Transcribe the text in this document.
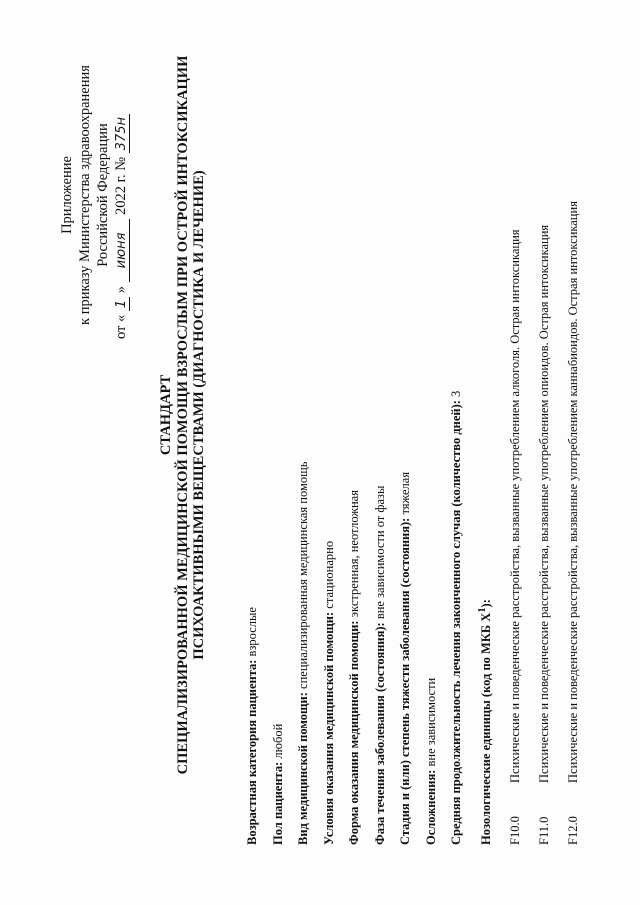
Приложение к приказу Министерства здравоохранения Российской Федерации
от « 1 » июня 2022 г. № 375н
СТАНДАРТ СПЕЦИАЛИЗИРОВАННОЙ МЕДИЦИНСКОЙ ПОМОЩИ ВЗРОСЛЫМ ПРИ ОСТРОЙ ИНТОКСИКАЦИИ ПСИХОАКТИВНЫМИ ВЕЩЕСТВАМИ (ДИАГНОСТИКА И ЛЕЧЕНИЕ)
Возрастная категория пациента: взрослые
Пол пациента: любой Вид медицинской помощи: специализированная медицинская помощь
Условия оказания медицинской помощи: стационарно
Форма оказания медицинской помощи: экстренная, неотложная
Фаза течения заболевания (состояния): вне зависимости от фазы Стадия и (или) степень тяжести заболевания (состояния): тяжелая
Осложнения: вне зависимости Средняя продолжительность лечения законченного случая (количество дней): 3
Нозологические единицы (код по МКБ $X^1$):
F10.0
Психические и поведенческие расстройства, вызванные употреблением алкоголя. Острая интоксикация
F11.0
Психические и поведенческие расстройства, вызванные употреблением опиоидов. Острая интоксикация
F12.0
Психические и поведенческие расстройства, вызванные употреблением каннабиоидов. Острая интоксикация
